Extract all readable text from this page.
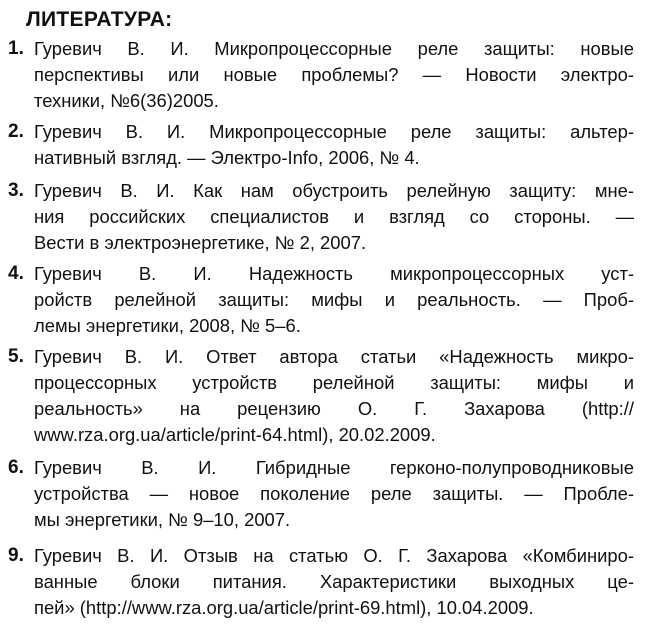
ЛИТЕРАТУРА:
1. Гуревич В. И. Микропроцессорные реле защиты: новые
перспективы или новые проблемы? — Новости электро-
техники, №6(36)2005.
2. Гуревич В. И. Микропроцессорные реле защиты: альтер-
нативный взгляд. — Электро-Info, 2006, № 4.
3. Гуревич В. И. Как нам обустроить релейную защиту: мне-
ния российских специалистов и взгляд со стороны. —
Вести в электроэнергетике, № 2, 2007.
4. Гуревич В. И. Надежность микропроцессорных уст-
ройств релейной защиты: мифы и реальность. — Проб-
лемы энергетики, 2008, № 5–6.
5. Гуревич В. И. Ответ автора статьи «Надежность микро-
процессорных устройств релейной защиты: мифы и
реальность» на рецензию О. Г. Захарова (http://
www.rza.org.ua/article/print-64.html), 20.02.2009.
6. Гуревич В. И. Гибридные герконо-полупроводниковые
устройства — новое поколение реле защиты. — Пробле-
мы энергетики, № 9–10, 2007.
9. Гуревич В. И. Отзыв на статью О. Г. Захарова «Комбиниро-
ванные блоки питания. Характеристики выходных це-
пей» (http://www.rza.org.ua/article/print-69.html), 10.04.2009.
